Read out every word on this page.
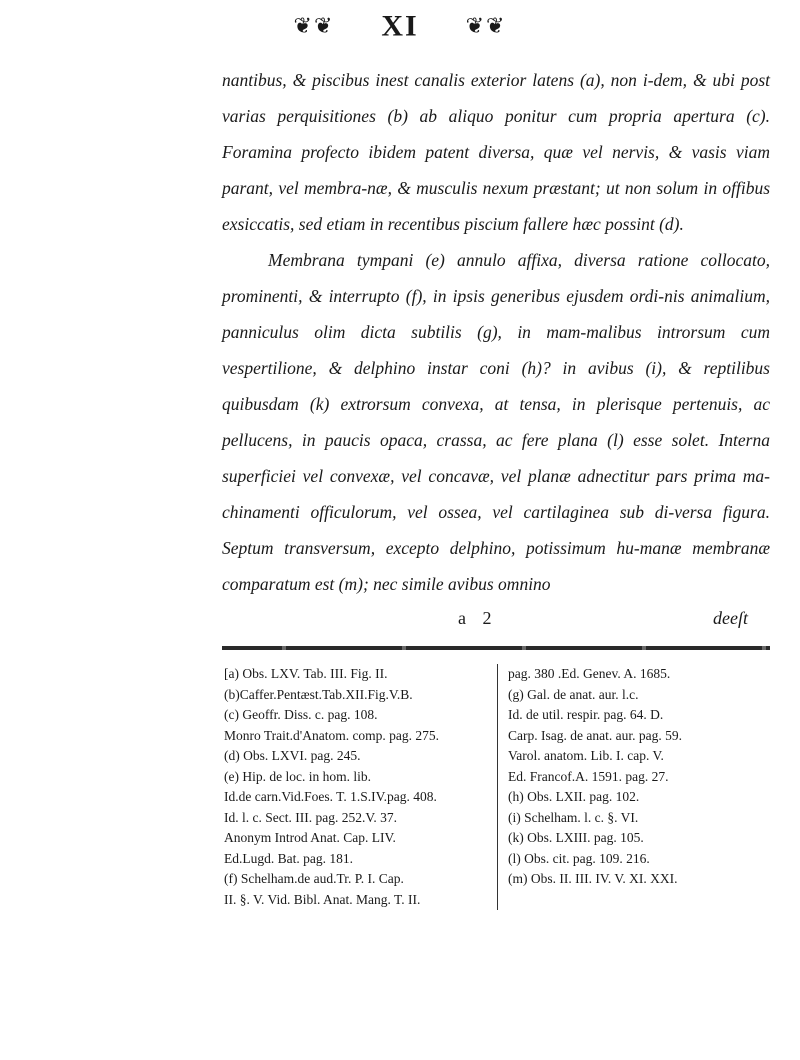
❦❦ XI ❦❦

nantibus, & piscibus inest canalis exterior latens (a), non i-dem, & ubi post varias perquisitiones (b) ab aliquo ponitur cum propria apertura (c). Foramina profecto ibidem patent diversa, quæ vel nervis, & vasis viam parant, vel membra-næ, & musculis nexum præstant; ut non solum in offibus exsiccatis, sed etiam in recentibus piscium fallere hæc possint (d).

Membrana tympani (e) annulo affixa, diversa ratione collocato, prominenti, & interrupto (f), in ipsis generibus ejusdem ordi-nis animalium, panniculus olim dicta subtilis (g), in mam-malibus introrsum cum vespertilione, & delphino instar coni (h)? in avibus (i), & reptilibus quibusdam (k) extrorsum convexa, at tensa, in plerisque pertenuis, ac pellucens, in paucis opaca, crassa, ac fere plana (l) esse solet. Interna superficiei vel convexæ, vel concavæ, vel planæ adnectitur pars prima ma-chinamenti officulorum, vel ossea, vel cartilaginea sub di-versa figura. Septum transversum, excepto delphino, potissimum hu-manæ membranæ comparatum est (m); nec simile avibus omnino

a 2	deeſt

[a) Obs. LXV. Tab. III. Fig. II.

(b)Caffer.Pentæst.Tab.XII.Fig.V.B.

(c) Geoffr. Diss. c. pag. 108.

Monro Trait.d'Anatom. comp. pag. 275.

(d) Obs. LXVI. pag. 245.

(e) Hip. de loc. in hom. lib.

Id.de carn.Vid.Foes. T. 1.S.IV.pag. 408.

Id. l. c. Sect. III. pag. 252.V. 37.

Anonym Introd Anat. Cap. LIV.

Ed.Lugd. Bat. pag. 181.

(f) Schelham.de aud.Tr. P. I. Cap.

II. §. V. Vid. Bibl. Anat. Mang. T. II.

pag. 380 .Ed. Genev. A. 1685.

(g) Gal. de anat. aur. l.c.

Id. de util. respir. pag. 64. D.

Carp. Isag. de anat. aur. pag. 59.

Varol. anatom. Lib. I. cap. V.

Ed. Francof.A. 1591. pag. 27.

(h) Obs. LXII. pag. 102.

(i) Schelham. l. c. §. VI.

(k) Obs. LXIII. pag. 105.

(l) Obs. cit. pag. 109. 216.

(m) Obs. II. III. IV. V. XI. XXI.
